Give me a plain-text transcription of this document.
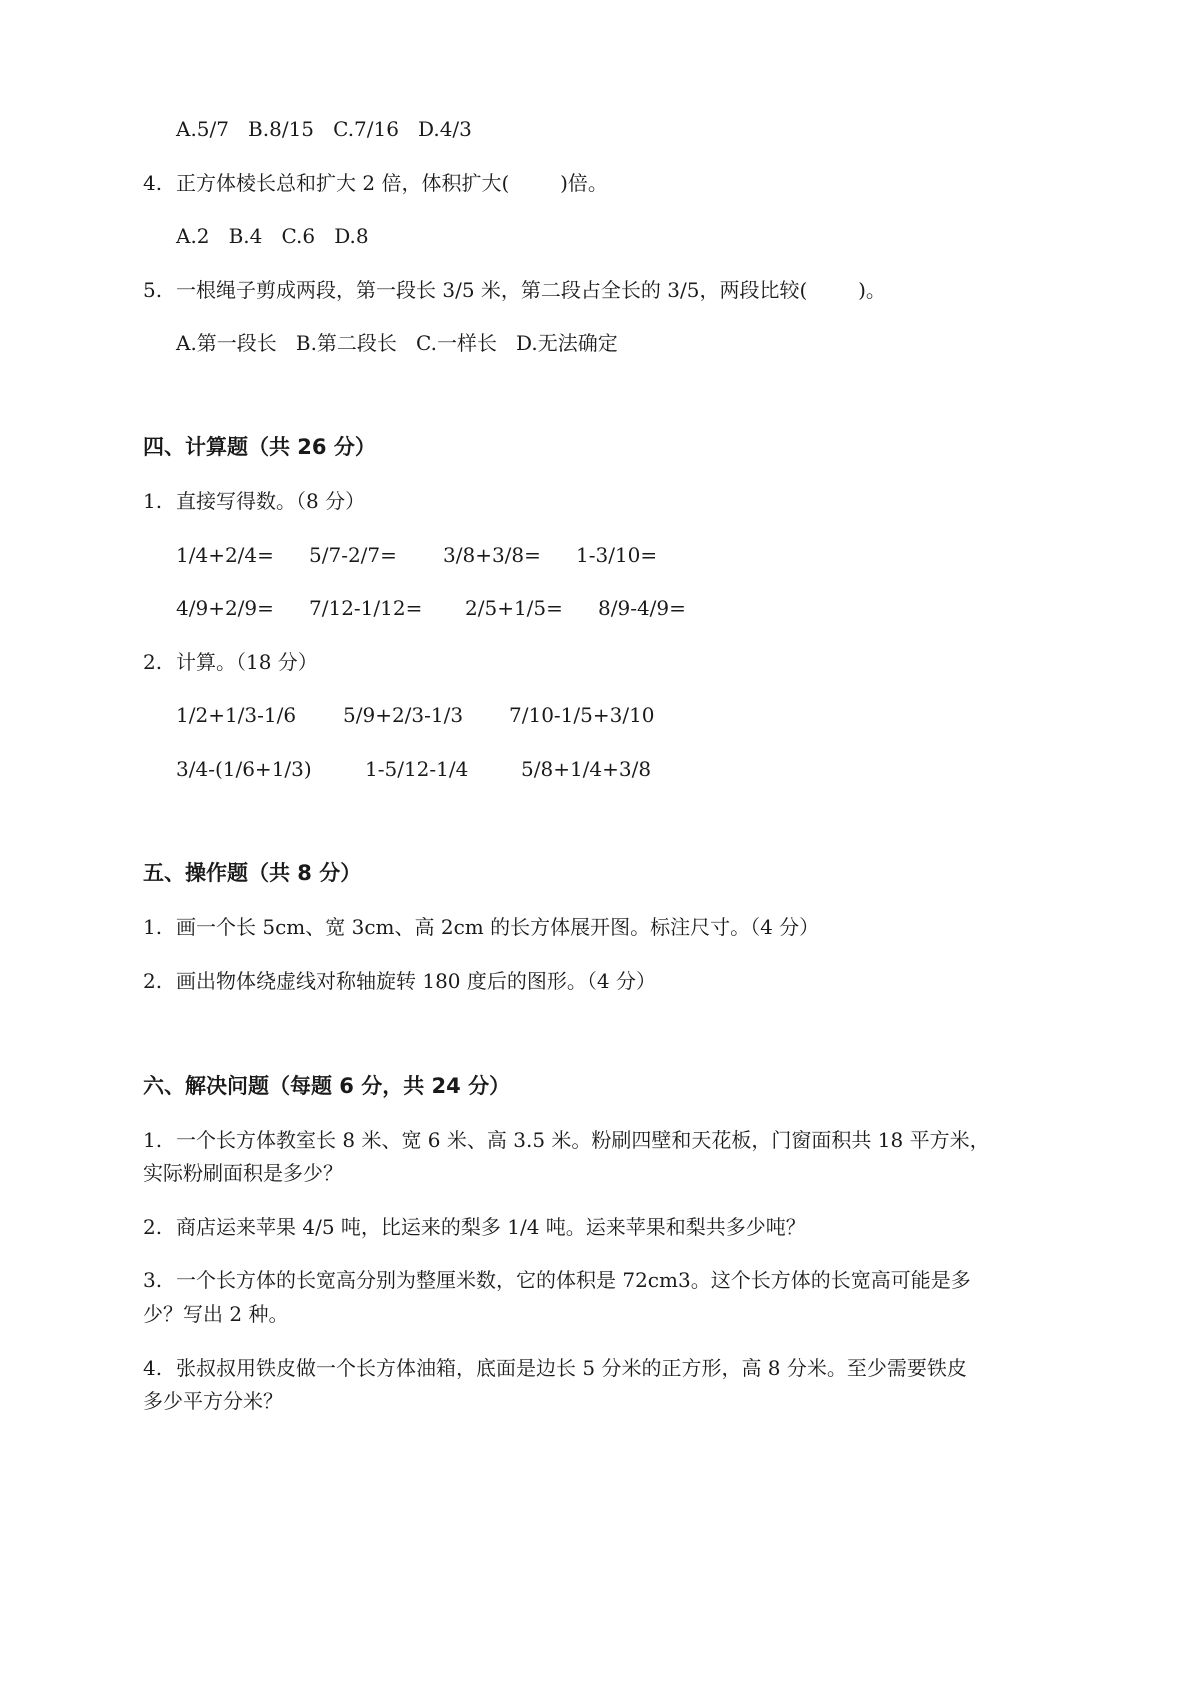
A.5/7   B.8/15   C.7/16   D.4/3
4. 正方体棱长总和扩大 2 倍，体积扩大(        )倍。
A.2   B.4   C.6   D.8
5. 一根绳子剪成两段，第一段长 3/5 米，第二段占全长的 3/5，两段比较(        )。
A.第一段长   B.第二段长   C.一样长   D.无法确定
四、计算题（共 26 分）
1. 直接写得数。（8 分）
1/4+2/4= 5/7-2/7= 3/8+3/8= 1-3/10=
4/9+2/9= 7/12-1/12= 2/5+1/5= 8/9-4/9=
2. 计算。（18 分）
1/2+1/3-1/6 5/9+2/3-1/3 7/10-1/5+3/10
3/4-(1/6+1/3)	1-5/12-1/4	5/8+1/4+3/8
五、操作题（共 8 分）
1. 画一个长 5cm、宽 3cm、高 2cm 的长方体展开图。标注尺寸。（4 分）
2. 画出物体绕虚线对称轴旋转 180 度后的图形。（4 分）
六、解决问题（每题 6 分，共 24 分）
1. 一个长方体教室长 8 米、宽 6 米、高 3.5 米。粉刷四壁和天花板，门窗面积共 18 平方米，
实际粉刷面积是多少？
2. 商店运来苹果 4/5 吨，比运来的梨多 1/4 吨。运来苹果和梨共多少吨？
3. 一个长方体的长宽高分别为整厘米数，它的体积是 72cm3。这个长方体的长宽高可能是多
少？写出 2 种。
4. 张叔叔用铁皮做一个长方体油箱，底面是边长 5 分米的正方形，高 8 分米。至少需要铁皮
多少平方分米？
